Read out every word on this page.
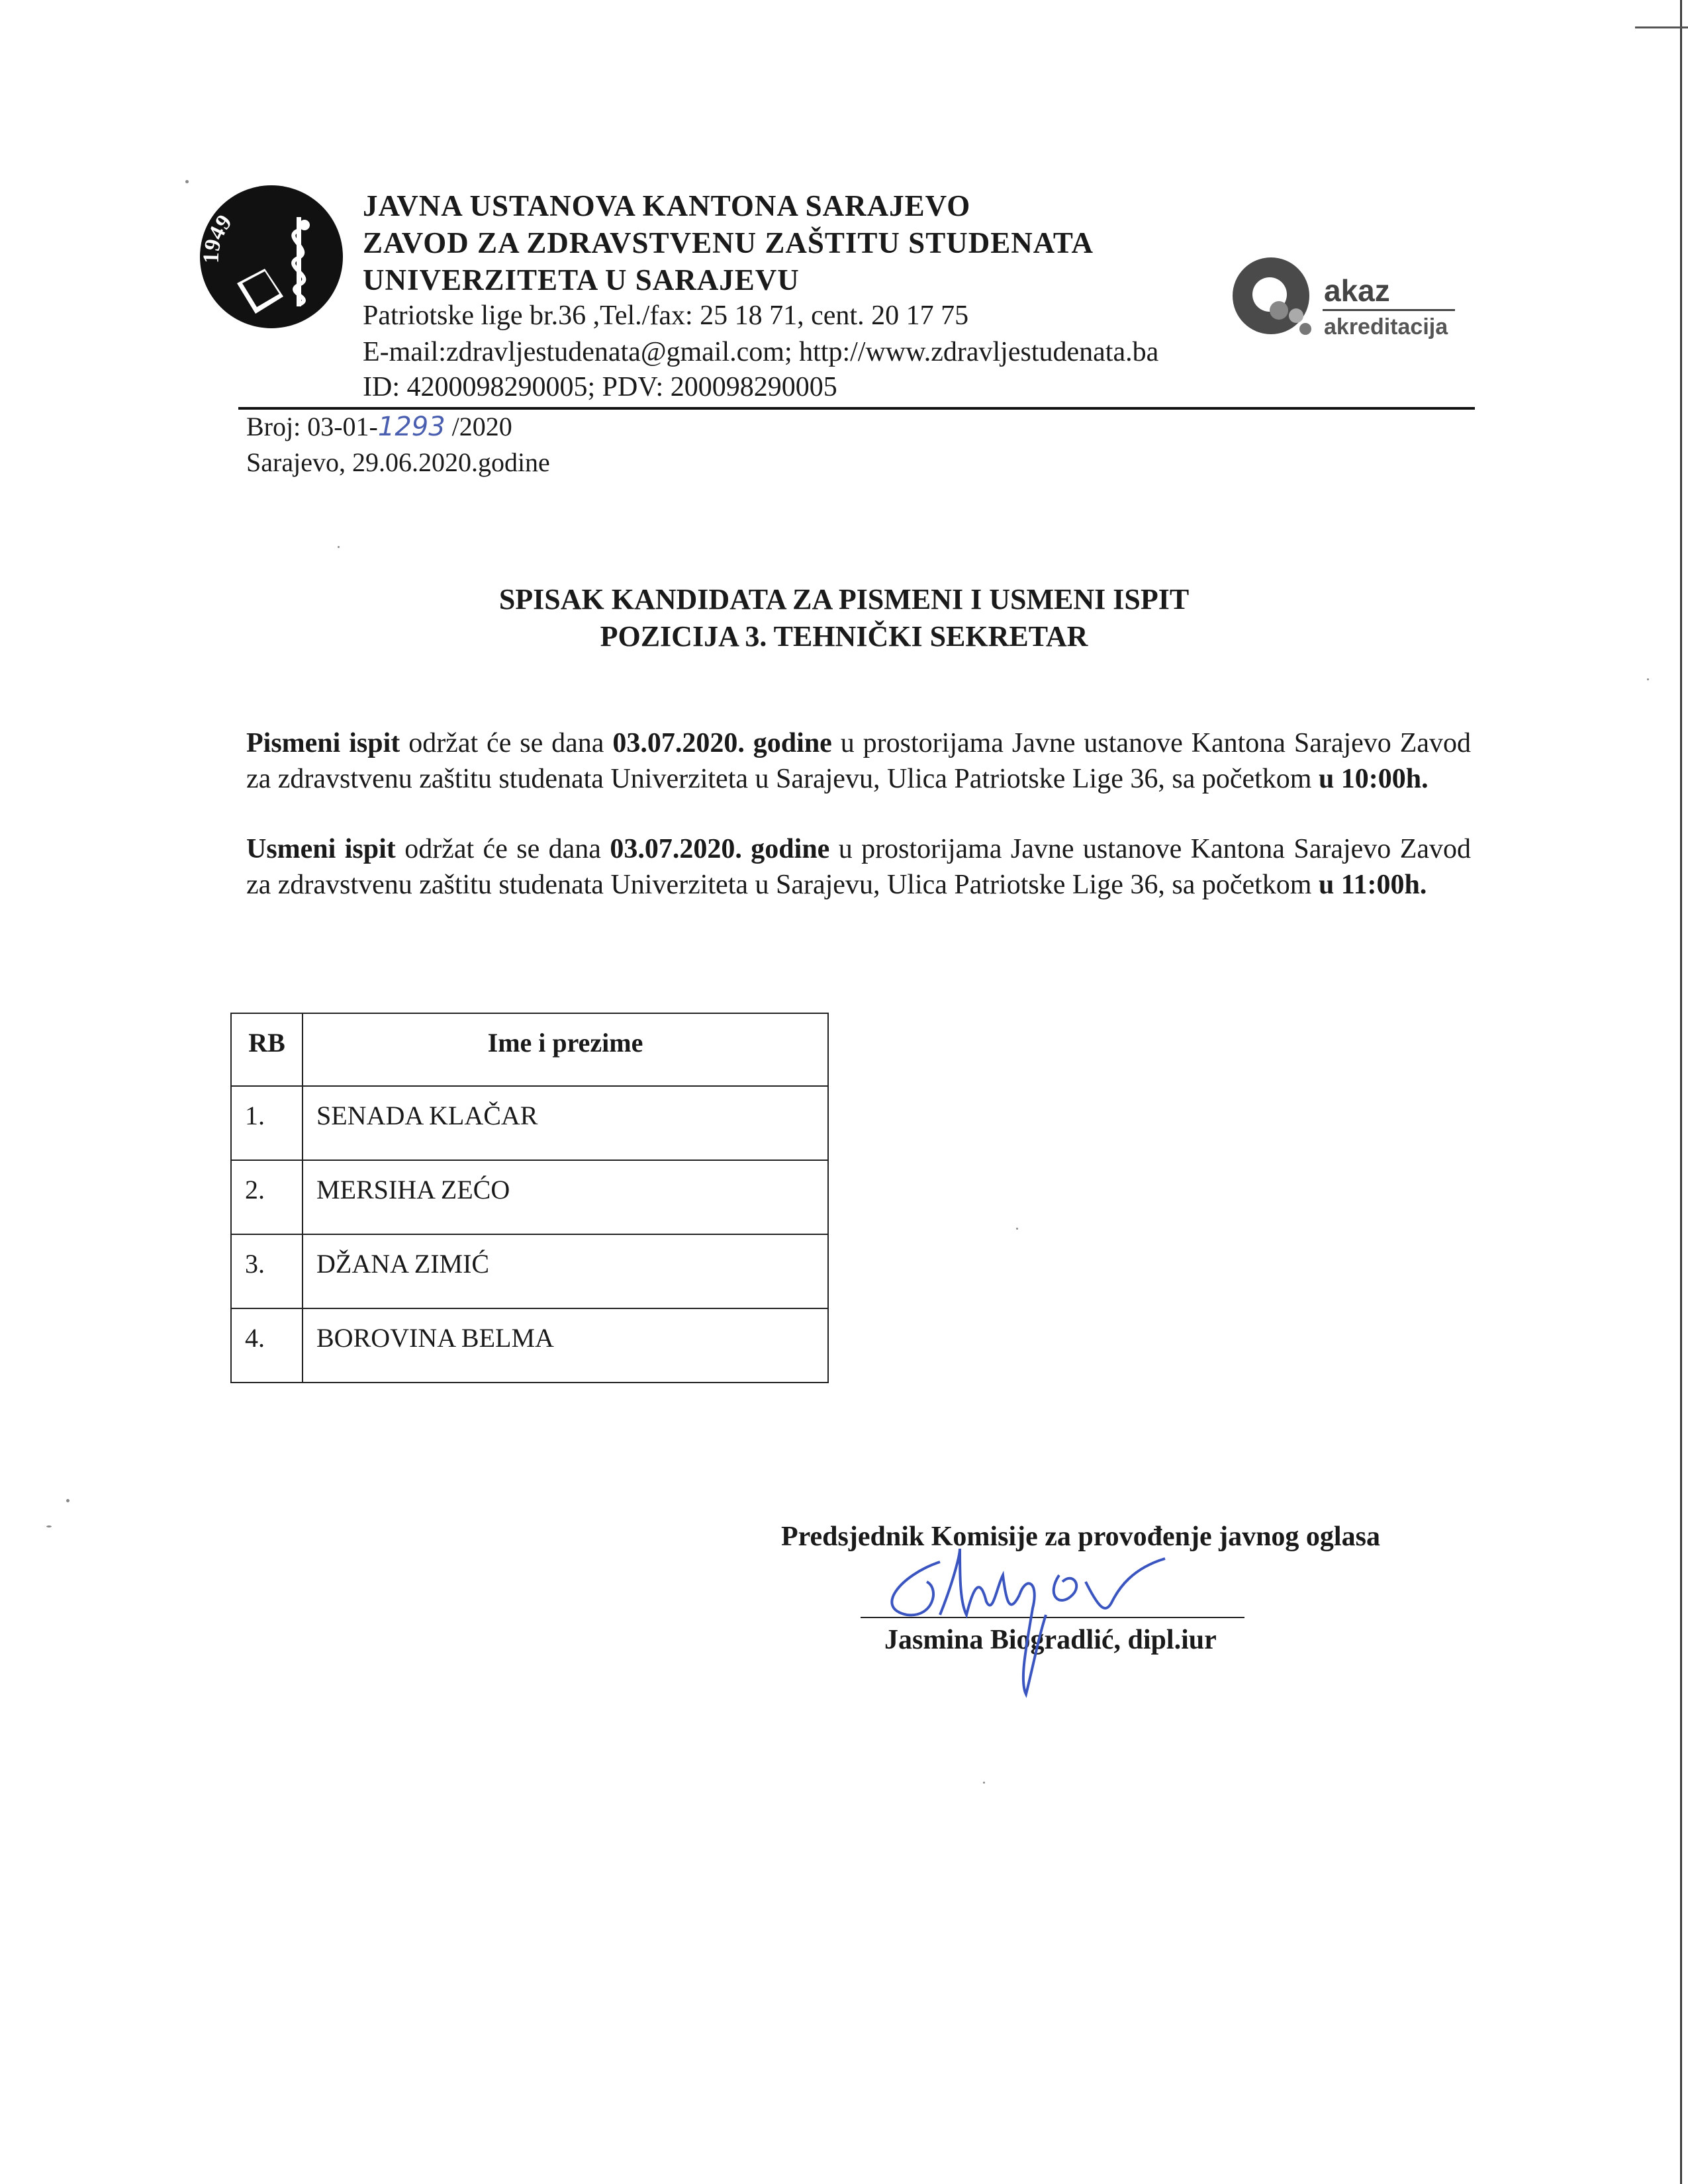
1949	JAVNA USTANOVA KANTONA SARAJEVO
ZAVOD ZA ZDRAVSTVENU ZAŠTITU STUDENATA
UNIVERZITETA U SARAJEVU
Patriotske lige br.36 ,Tel./fax: 25 18 71, cent. 20 17 75
E-mail:zdravljestudenata@gmail.com; http://www.zdravljestudenata.ba
ID: 4200098290005; PDV: 200098290005
akaz
akreditacija
Broj: 03-01-1293 /2020
Sarajevo, 29.06.2020.godine
SPISAK KANDIDATA ZA PISMENI I USMENI ISPIT
POZICIJA 3. TEHNIČKI SEKRETAR
Pismeni ispit održat će se dana 03.07.2020. godine u prostorijama Javne ustanove Kantona Sarajevo Zavod za zdravstvenu zaštitu studenata Univerziteta u Sarajevu, Ulica Patriotske Lige 36, sa početkom u 10:00h.
Usmeni ispit održat će se dana 03.07.2020. godine u prostorijama Javne ustanove Kantona Sarajevo Zavod za zdravstvenu zaštitu studenata Univerziteta u Sarajevu, Ulica Patriotske Lige 36, sa početkom u 11:00h.
RB	Ime i prezime
1.	SENADA KLAČAR
2.	MERSIHA ZEĆO
3.	DŽANA ZIMIĆ
4.	BOROVINA BELMA
Predsjednik Komisije za provođenje javnog oglasa
Jasmina Biogradlić, dipl.iur
